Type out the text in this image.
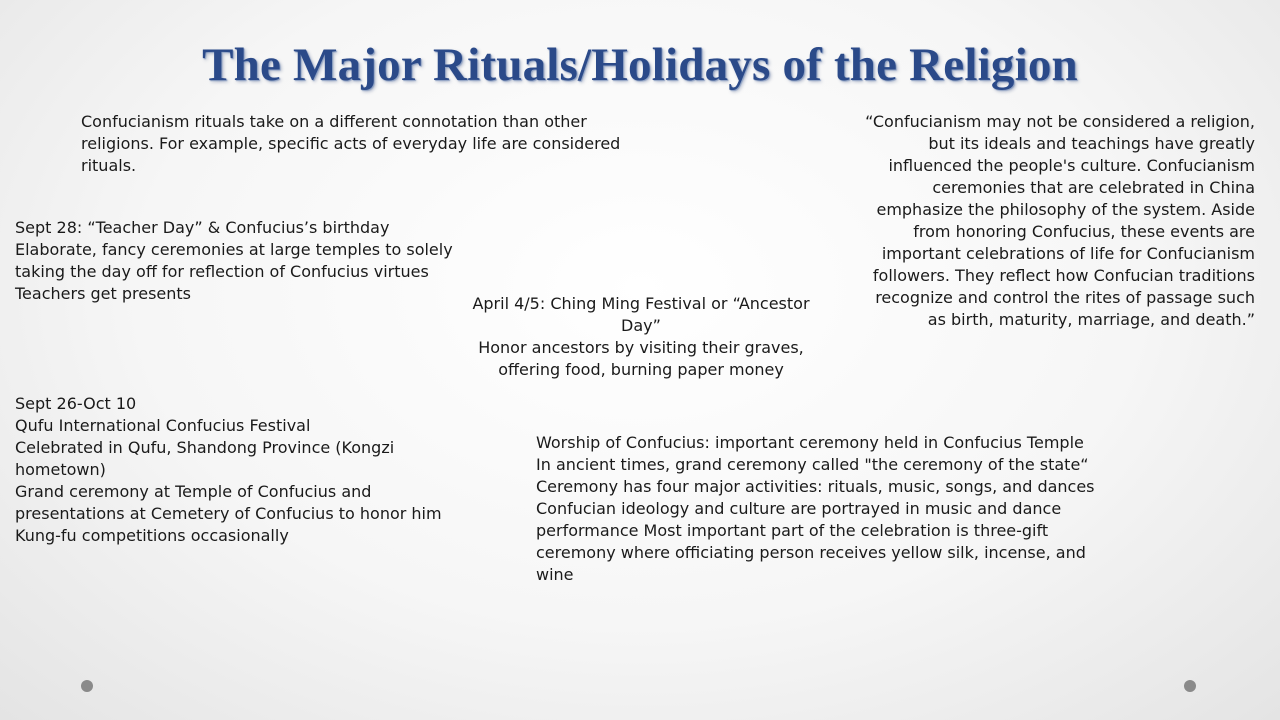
The Major Rituals/Holidays of the Religion
Confucianism rituals take on a different connotation than other religions. For example, specific acts of everyday life are considered rituals.
Sept 28: “Teacher Day” & Confucius’s birthday
Elaborate, fancy ceremonies at large temples to solely taking the day off for reflection of Confucius virtues
Teachers get presents
Sept 26-Oct 10
Qufu International Confucius Festival
Celebrated in Qufu, Shandong Province (Kongzi hometown)
Grand ceremony at Temple of Confucius and presentations at Cemetery of Confucius to honor him
Kung-fu competitions occasionally
April 4/5: Ching Ming Festival or “Ancestor Day”
Honor ancestors by visiting their graves, offering food, burning paper money
Worship of Confucius: important ceremony held in Confucius Temple
In ancient times, grand ceremony called "the ceremony of the state“
Ceremony has four major activities: rituals, music, songs, and dances
Confucian ideology and culture are portrayed in music and dance performance Most important part of the celebration is three-gift ceremony where officiating person receives yellow silk, incense, and wine
“Confucianism may not be considered a religion, but its ideals and teachings have greatly influenced the people's culture. Confucianism ceremonies that are celebrated in China emphasize the philosophy of the system. Aside from honoring Confucius, these events are important celebrations of life for Confucianism followers. They reflect how Confucian traditions recognize and control the rites of passage such as birth, maturity, marriage, and death.”
